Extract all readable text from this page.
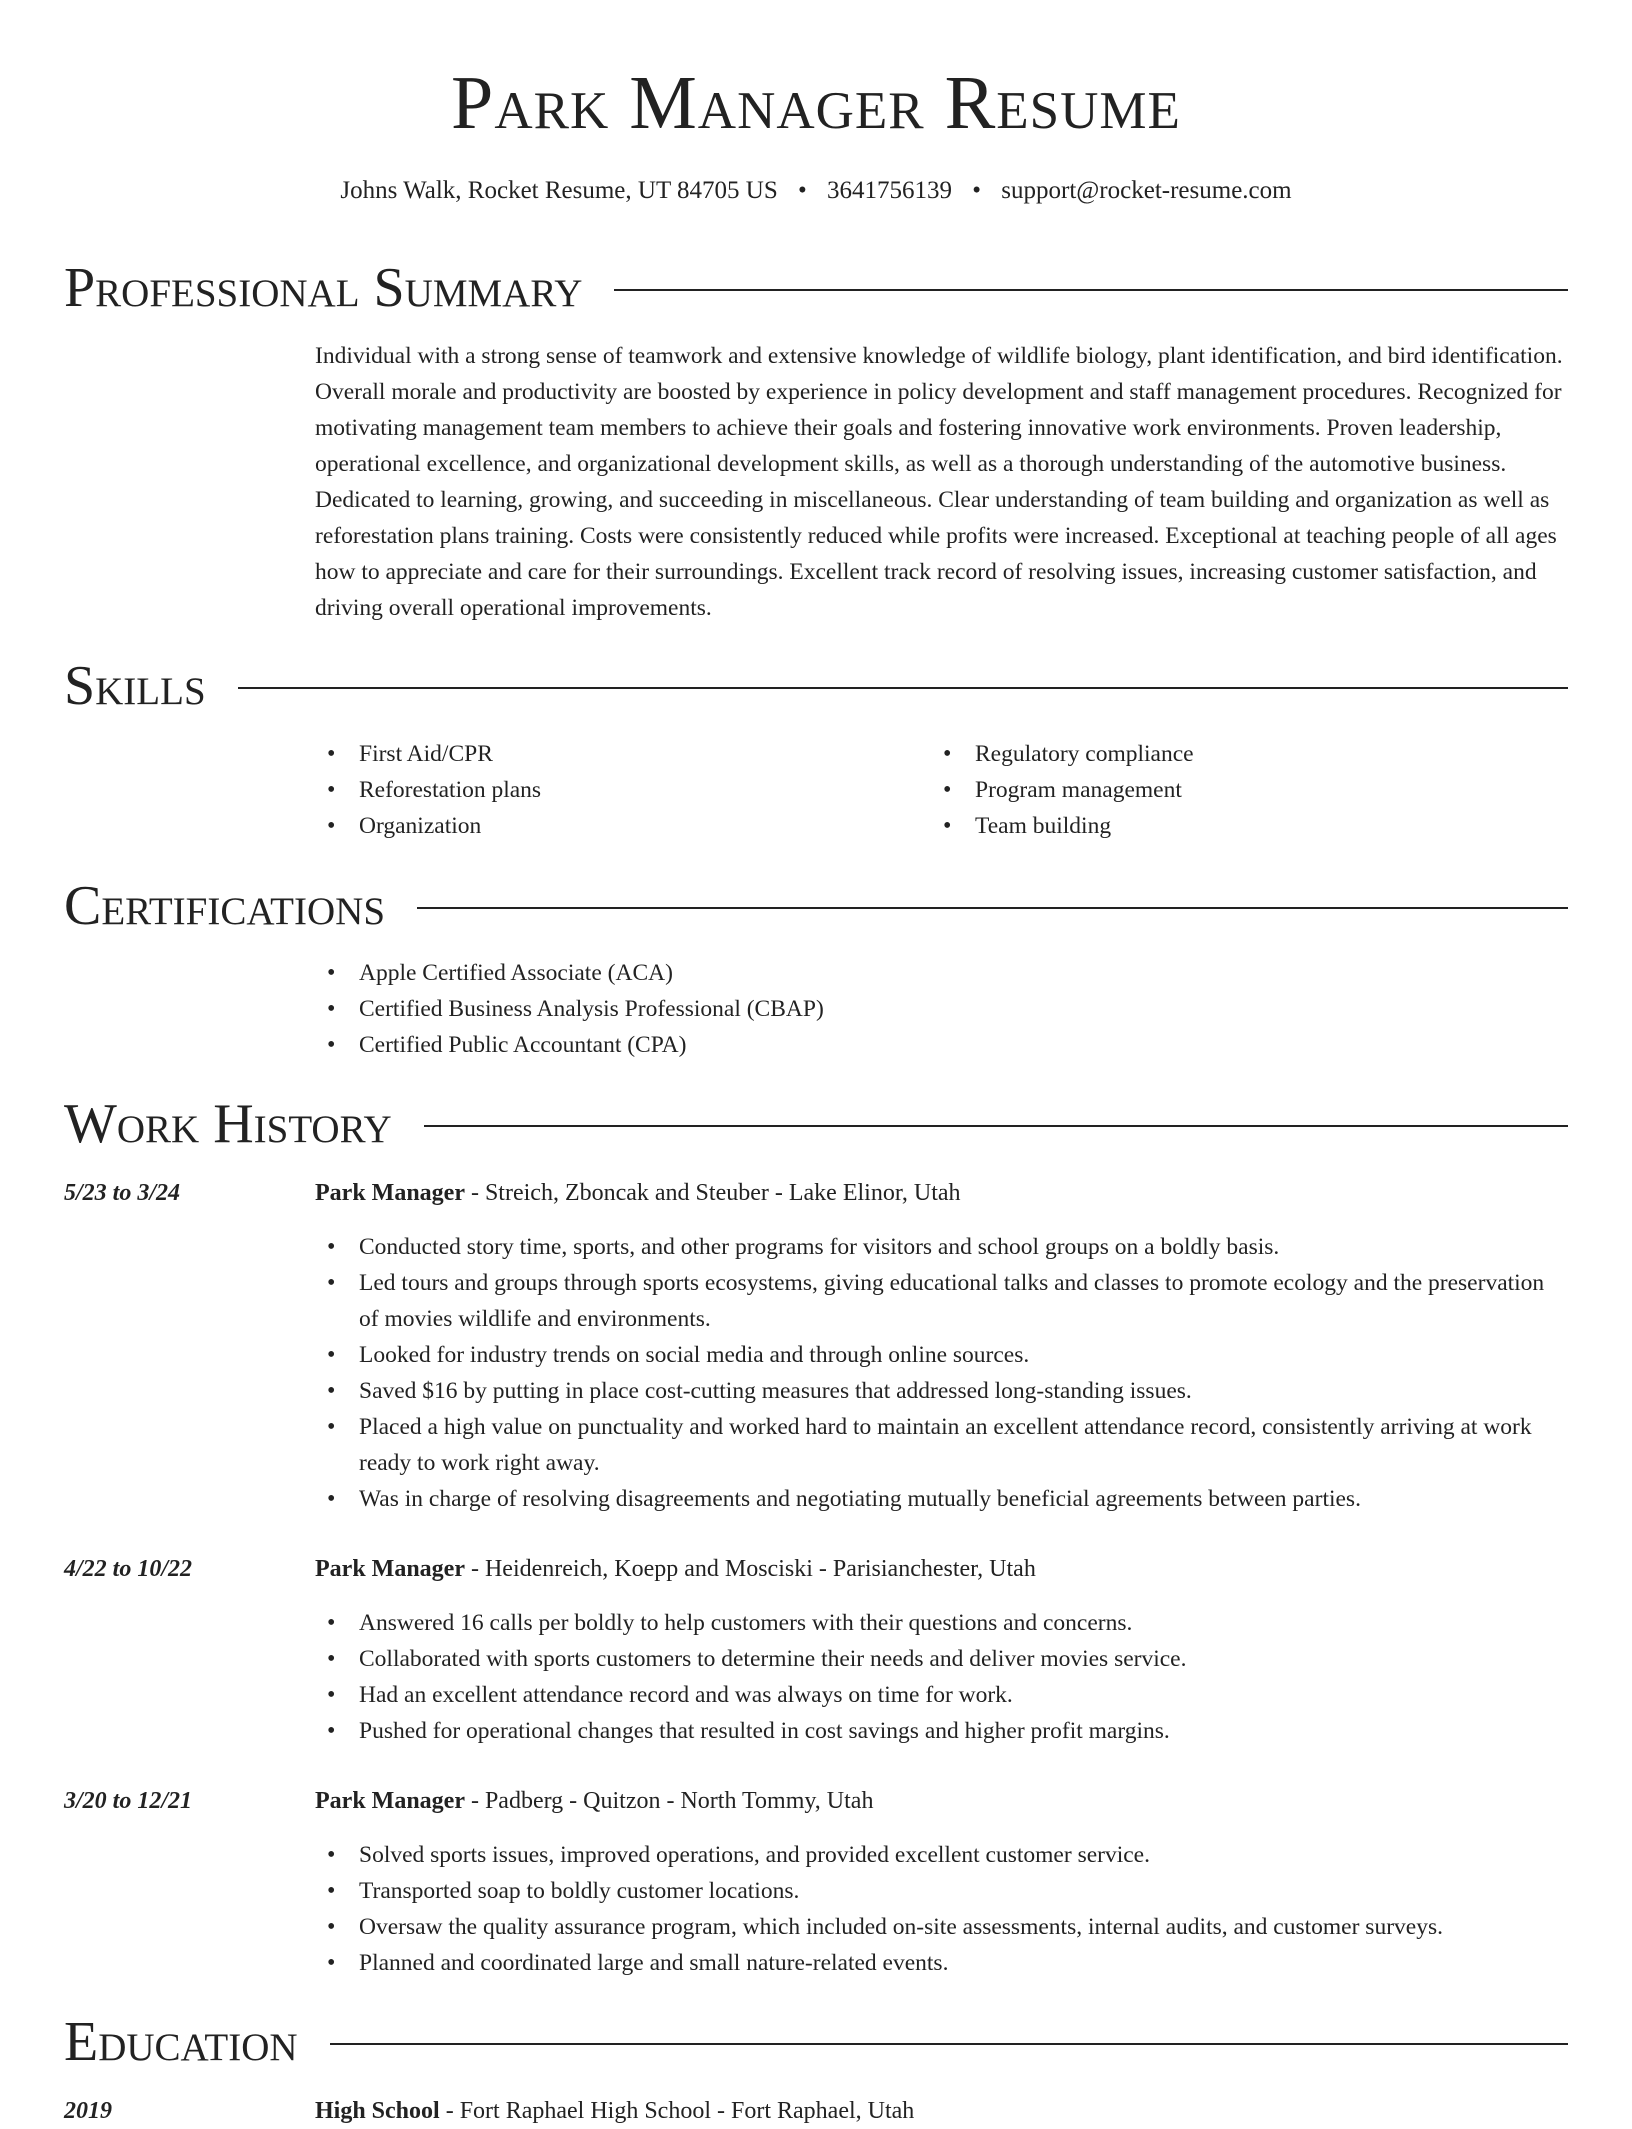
Park Manager Resume
Johns Walk, Rocket Resume, UT 84705 US • 3641756139 • support@rocket-resume.com
Professional Summary

Individual with a strong sense of teamwork and extensive knowledge of wildlife biology, plant identification, and bird identification. Overall morale and productivity are boosted by experience in policy development and staff management procedures. Recognized for motivating management team members to achieve their goals and fostering innovative work environments. Proven leadership, operational excellence, and organizational development skills, as well as a thorough understanding of the automotive business. Dedicated to learning, growing, and succeeding in miscellaneous. Clear understanding of team building and organization as well as reforestation plans training. Costs were consistently reduced while profits were increased. Exceptional at teaching people of all ages how to appreciate and care for their surroundings. Excellent track record of resolving issues, increasing customer satisfaction, and driving overall operational improvements.

Skills
• First Aid/CPR
• Reforestation plans
• Organization
• Regulatory compliance
• Program management
• Team building
Certifications
• Apple Certified Associate (ACA)
• Certified Business Analysis Professional (CBAP)
• Certified Public Accountant (CPA)
Work History
5/23 to 3/24	Park Manager - Streich, Zboncak and Steuber - Lake Elinor, Utah
• Conducted story time, sports, and other programs for visitors and school groups on a boldly basis.
• Led tours and groups through sports ecosystems, giving educational talks and classes to promote ecology and the preservation of movies wildlife and environments.
• Looked for industry trends on social media and through online sources.
• Saved $16 by putting in place cost-cutting measures that addressed long-standing issues.
• Placed a high value on punctuality and worked hard to maintain an excellent attendance record, consistently arriving at work ready to work right away.
• Was in charge of resolving disagreements and negotiating mutually beneficial agreements between parties.
4/22 to 10/22	Park Manager - Heidenreich, Koepp and Mosciski - Parisianchester, Utah
• Answered 16 calls per boldly to help customers with their questions and concerns.
• Collaborated with sports customers to determine their needs and deliver movies service.
• Had an excellent attendance record and was always on time for work.
• Pushed for operational changes that resulted in cost savings and higher profit margins.
3/20 to 12/21	Park Manager - Padberg - Quitzon - North Tommy, Utah
• Solved sports issues, improved operations, and provided excellent customer service.
• Transported soap to boldly customer locations.
• Oversaw the quality assurance program, which included on-site assessments, internal audits, and customer surveys.
• Planned and coordinated large and small nature-related events.
Education
2019	High School - Fort Raphael High School - Fort Raphael, Utah
